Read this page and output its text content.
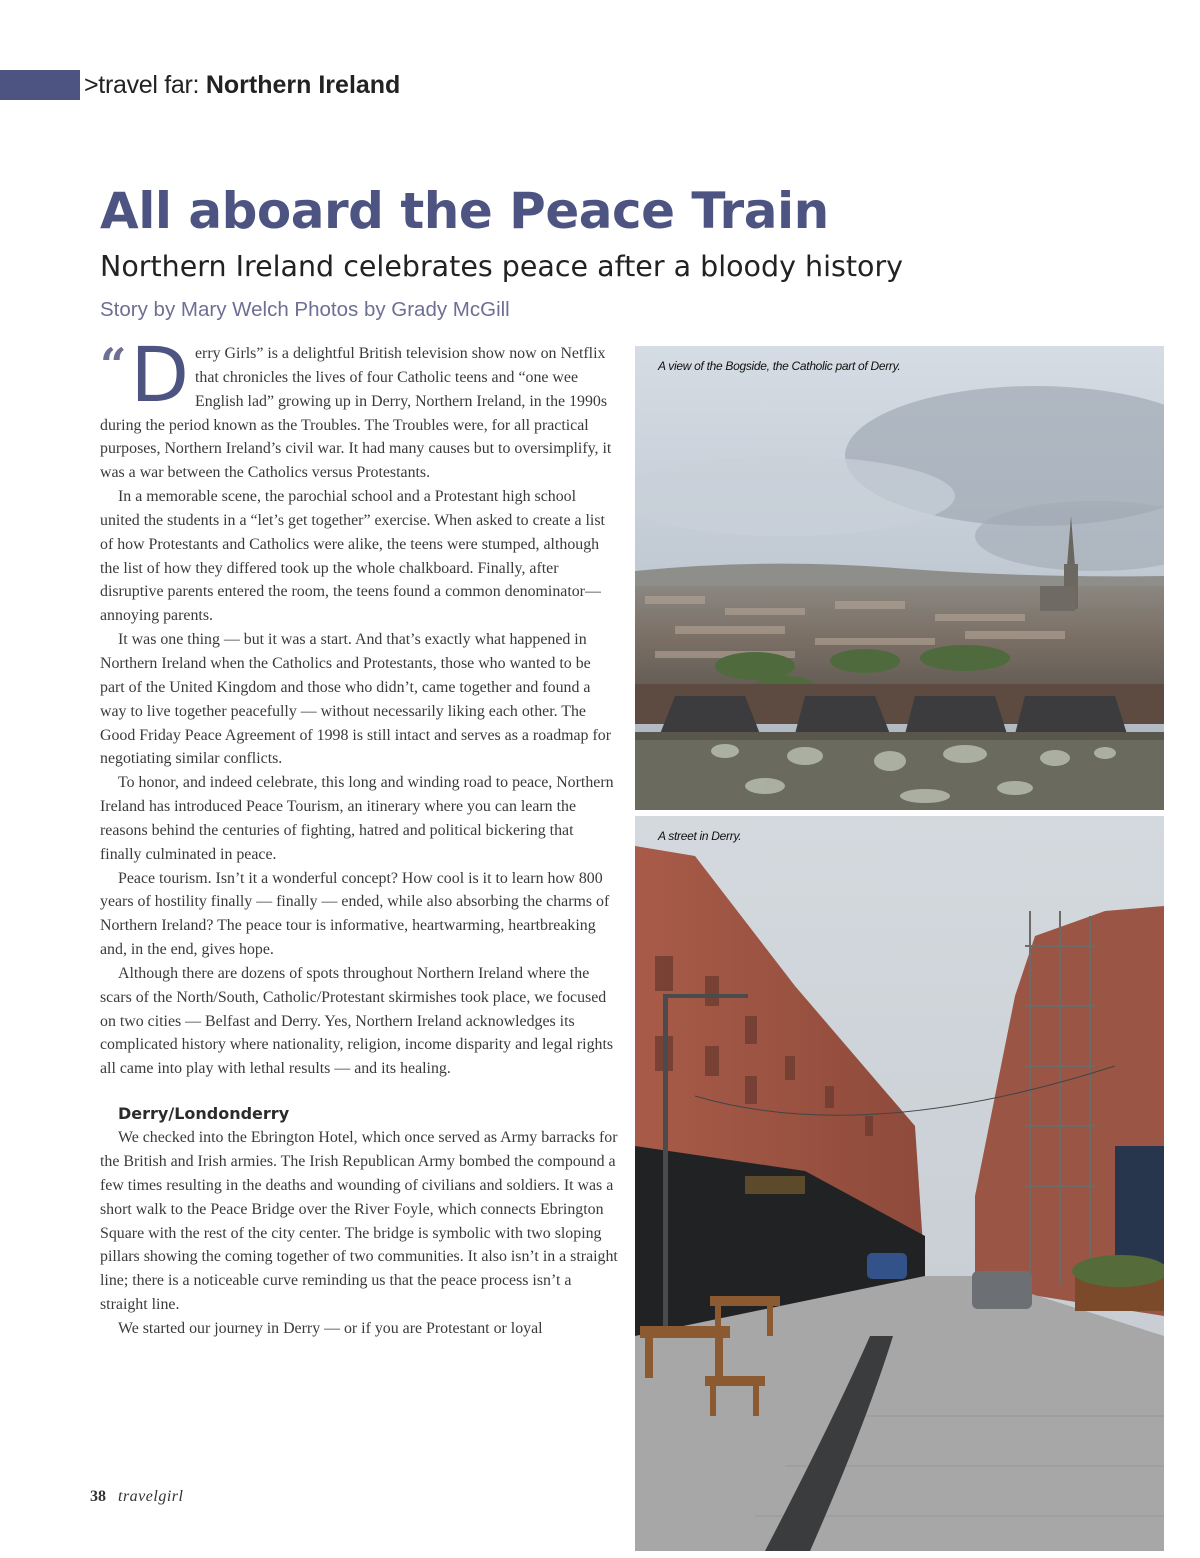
>travel far: Northern Ireland
All aboard the Peace Train
Northern Ireland celebrates peace after a bloody history
Story by Mary Welch Photos by Grady McGill

“D erry Girls” is a delightful British television show now on Netflix that chronicles the lives of four Catholic teens and “one wee English lad” growing up in Derry, Northern Ireland, in the 1990s during the period known as the Troubles. The Troubles were, for all practical purposes, Northern Ireland’s civil war. It had many causes but to oversimplify, it was a war between the Catholics versus Protestants.

In a memorable scene, the parochial school and a Protestant high school united the students in a “let’s get together” exercise. When asked to create a list of how Protestants and Catholics were alike, the teens were stumped, although the list of how they differed took up the whole chalkboard. Finally, after disruptive parents entered the room, the teens found a common denominator— annoying parents.

It was one thing — but it was a start. And that’s exactly what happened in Northern Ireland when the Catholics and Protestants, those who wanted to be part of the United Kingdom and those who didn’t, came together and found a way to live together peacefully — without necessarily liking each other. The Good Friday Peace Agreement of 1998 is still intact and serves as a roadmap for negotiating similar conflicts.

To honor, and indeed celebrate, this long and winding road to peace, Northern Ireland has introduced Peace Tourism, an itinerary where you can learn the reasons behind the centuries of fighting, hatred and political bickering that finally culminated in peace.

Peace tourism. Isn’t it a wonderful concept? How cool is it to learn how 800 years of hostility finally — finally — ended, while also absorbing the charms of Northern Ireland? The peace tour is informative, heartwarming, heartbreaking and, in the end, gives hope.

Although there are dozens of spots throughout Northern Ireland where the scars of the North/South, Catholic/Protestant skirmishes took place, we focused on two cities — Belfast and Derry. Yes, Northern Ireland acknowledges its complicated history where nationality, religion, income disparity and legal rights all came into play with lethal results — and its healing.

Derry/Londonderry

We checked into the Ebrington Hotel, which once served as Army barracks for the British and Irish armies. The Irish Republican Army bombed the compound a few times resulting in the deaths and wounding of civilians and soldiers. It was a short walk to the Peace Bridge over the River Foyle, which connects Ebrington Square with the rest of the city center. The bridge is symbolic with two sloping pillars showing the coming together of two communities. It also isn’t in a straight line; there is a noticeable curve reminding us that the peace process isn’t a straight line.

We started our journey in Derry — or if you are Protestant or loyal

38 travelgirl
A view of the Bogside, the Catholic part of Derry.
A street in Derry.
